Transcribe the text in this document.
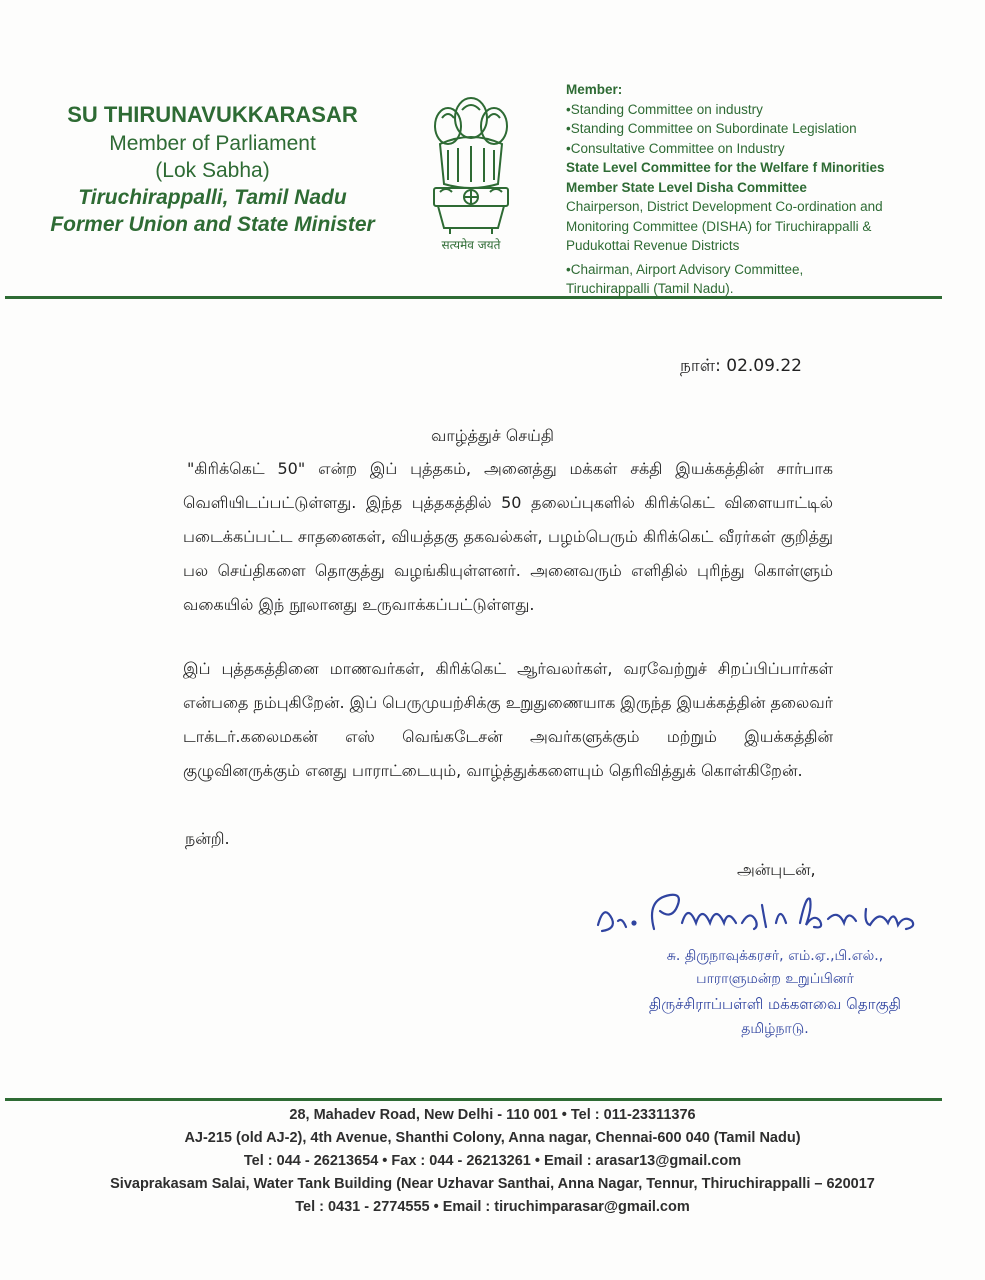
SU THIRUNAVUKKARASAR
Member of Parliament
(Lok Sabha)
Tiruchirappalli, Tamil Nadu
Former Union and State Minister
सत्यमेव जयते
Member:
•Standing Committee on industry
•Standing Committee on Subordinate Legislation
•Consultative Committee on Industry
State Level Committee for the Welfare f Minorities
Member State Level Disha Committee
Chairperson, District Development Co-ordination and
Monitoring Committee (DISHA) for Tiruchirappalli &
Pudukottai Revenue Districts
•Chairman, Airport Advisory Committee,
Tiruchirappalli (Tamil Nadu).
நாள்: 02.09.22
வாழ்த்துச் செய்தி
"கிரிக்கெட் 50" என்ற இப் புத்தகம், அனைத்து மக்கள் சக்தி இயக்கத்தின் சார்பாக வெளியிடப்பட்டுள்ளது. இந்த புத்தகத்தில் 50 தலைப்புகளில் கிரிக்கெட் விளையாட்டில் படைக்கப்பட்ட சாதனைகள், வியத்தகு தகவல்கள், பழம்பெரும் கிரிக்கெட் வீரர்கள் குறித்து பல செய்திகளை தொகுத்து வழங்கியுள்ளனர். அனைவரும் எளிதில் புரிந்து கொள்ளும் வகையில் இந் நூலானது உருவாக்கப்பட்டுள்ளது.
இப் புத்தகத்தினை மாணவர்கள், கிரிக்கெட் ஆர்வலர்கள், வரவேற்றுச் சிறப்பிப்பார்கள் என்பதை நம்புகிறேன். இப் பெருமுயற்சிக்கு உறுதுணையாக இருந்த இயக்கத்தின் தலைவர் டாக்டர்.கலைமகன் எஸ் வெங்கடேசன் அவர்களுக்கும் மற்றும் இயக்கத்தின் குழுவினருக்கும் எனது பாராட்டையும், வாழ்த்துக்களையும் தெரிவித்துக் கொள்கிறேன்.
நன்றி.
அன்புடன்,
சு. திருநாவுக்கரசர், எம்.ஏ.,பி.எல்.,
பாராளுமன்ற உறுப்பினர்
திருச்சிராப்பள்ளி மக்களவை தொகுதி
தமிழ்நாடு.
28, Mahadev Road, New Delhi - 110 001 • Tel : 011-23311376
AJ-215 (old AJ-2), 4th Avenue, Shanthi Colony, Anna nagar, Chennai-600 040 (Tamil Nadu)
Tel : 044 - 26213654 • Fax : 044 - 26213261 • Email : arasar13@gmail.com
Sivaprakasam Salai, Water Tank Building (Near Uzhavar Santhai, Anna Nagar, Tennur, Thiruchirappalli – 620017
Tel : 0431 - 2774555 • Email : tiruchimparasar@gmail.com
